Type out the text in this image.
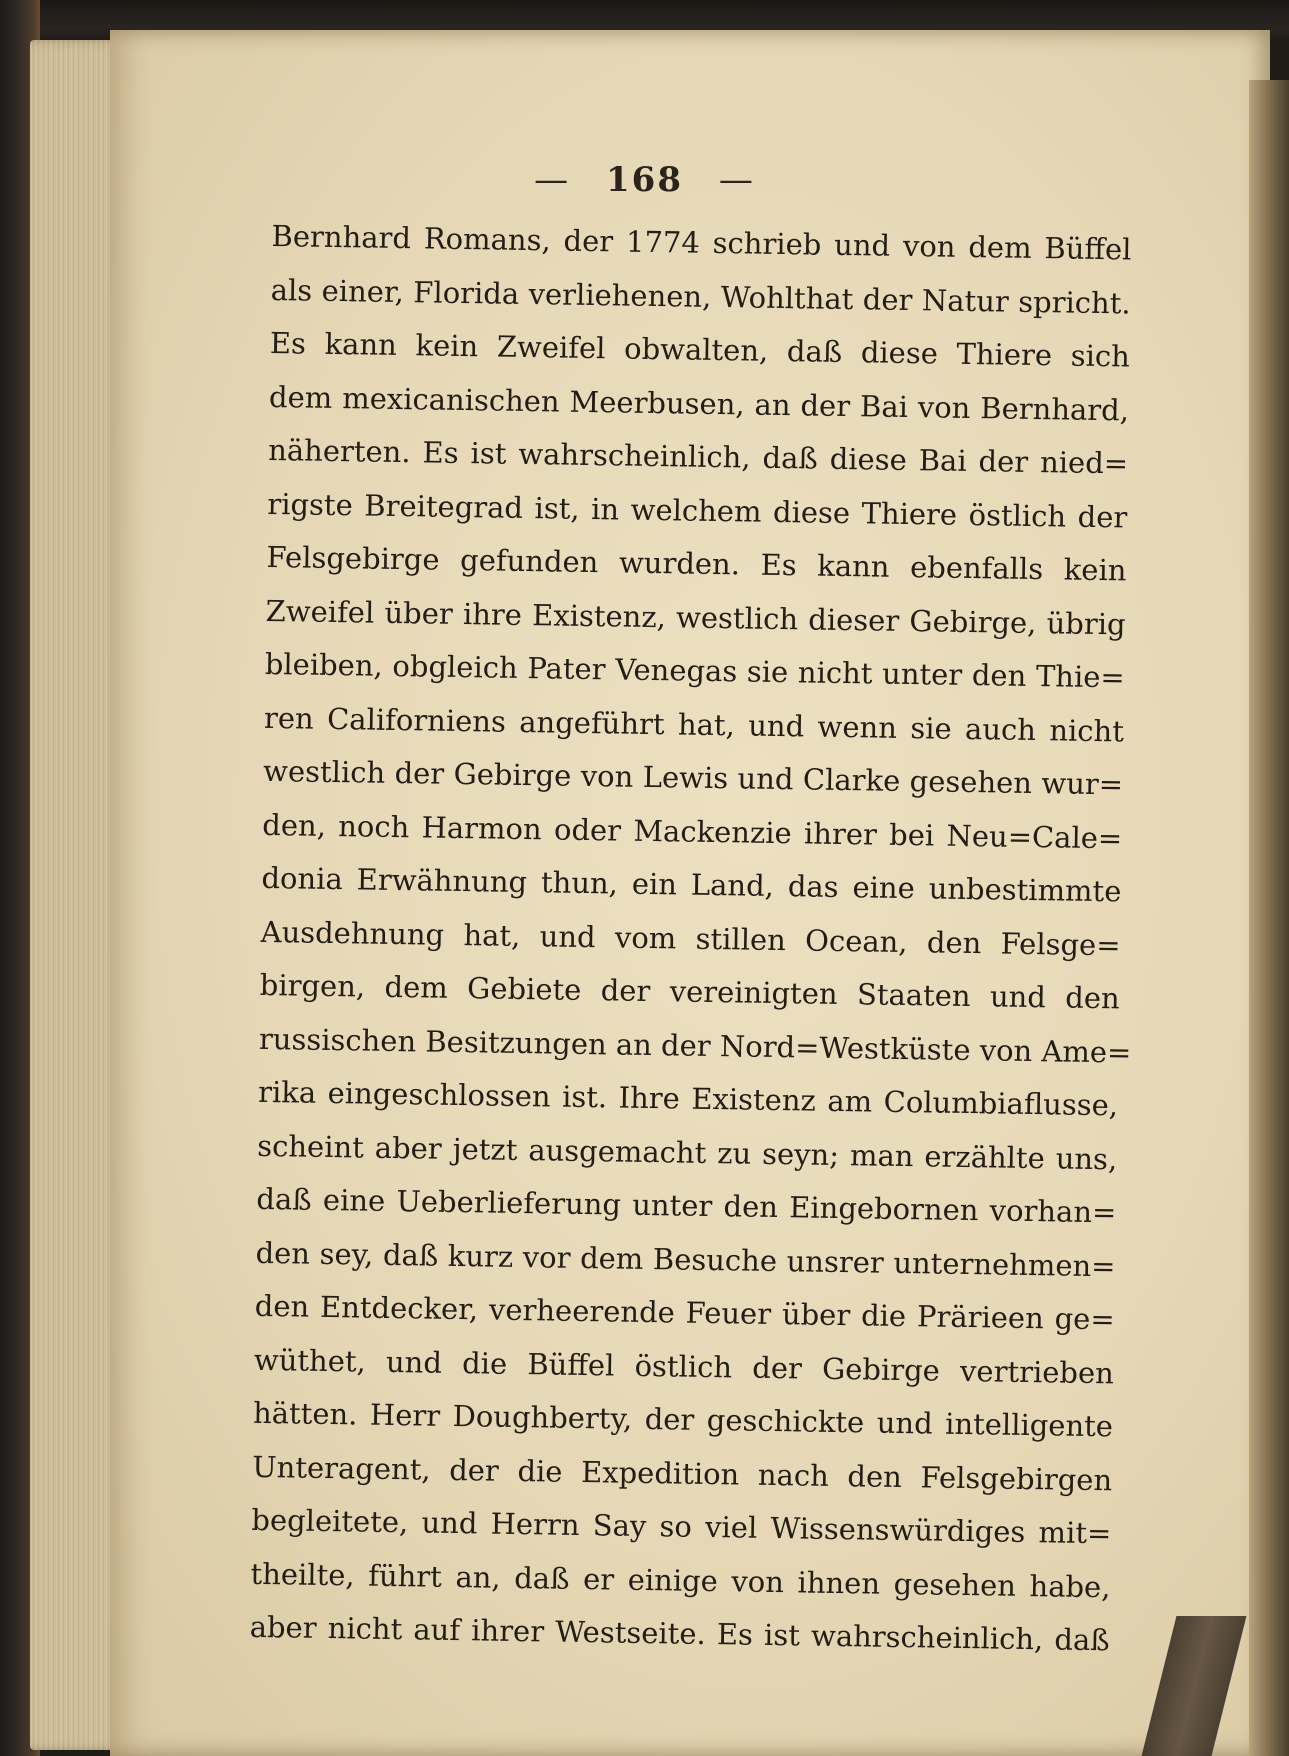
— 168 —
Bernhard Romans, der 1774 schrieb und von dem Büffel
als einer, Florida verliehenen, Wohlthat der Natur spricht.
Es kann kein Zweifel obwalten, daß diese Thiere sich
dem mexicanischen Meerbusen, an der Bai von Bernhard,
näherten. Es ist wahrscheinlich, daß diese Bai der nied=
rigste Breitegrad ist, in welchem diese Thiere östlich der
Felsgebirge gefunden wurden. Es kann ebenfalls kein
Zweifel über ihre Existenz, westlich dieser Gebirge, übrig
bleiben, obgleich Pater Venegas sie nicht unter den Thie=
ren Californiens angeführt hat, und wenn sie auch nicht
westlich der Gebirge von Lewis und Clarke gesehen wur=
den, noch Harmon oder Mackenzie ihrer bei Neu=Cale=
donia Erwähnung thun, ein Land, das eine unbestimmte
Ausdehnung hat, und vom stillen Ocean, den Felsge=
birgen, dem Gebiete der vereinigten Staaten und den
russischen Besitzungen an der Nord=Westküste von Ame=
rika eingeschlossen ist. Ihre Existenz am Columbiaflusse,
scheint aber jetzt ausgemacht zu seyn; man erzählte uns,
daß eine Ueberlieferung unter den Eingebornen vorhan=
den sey, daß kurz vor dem Besuche unsrer unternehmen=
den Entdecker, verheerende Feuer über die Prärieen ge=
wüthet, und die Büffel östlich der Gebirge vertrieben
hätten. Herr Doughberty, der geschickte und intelligente
Unteragent, der die Expedition nach den Felsgebirgen
begleitete, und Herrn Say so viel Wissenswürdiges mit=
theilte, führt an, daß er einige von ihnen gesehen habe,
aber nicht auf ihrer Westseite. Es ist wahrscheinlich, daß
